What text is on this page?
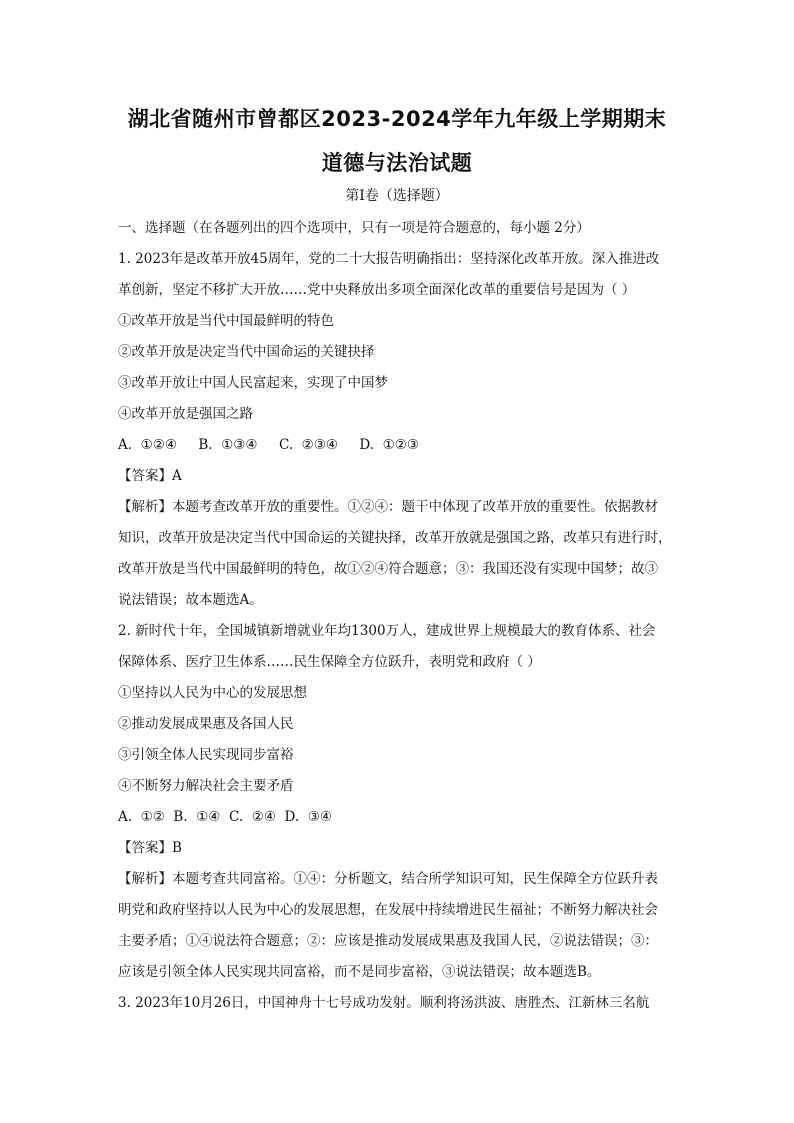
湖北省随州市曾都区2023-2024学年九年级上学期期末
道德与法治试题
第I卷（选择题）
一、选择题（在各题列出的四个选项中，只有一项是符合题意的，每小题 2分）
1. 2023年是改革开放45周年，党的二十大报告明确指出：坚持深化改革开放。深入推进改
革创新，坚定不移扩大开放……党中央释放出多项全面深化改革的重要信号是因为（ ）
①改革开放是当代中国最鲜明的特色
②改革开放是决定当代中国命运的关键抉择
③改革开放让中国人民富起来，实现了中国梦
④改革开放是强国之路
A.  ①②④     B.  ①③④     C.  ②③④     D.  ①②③
【答案】A
【解析】本题考查改革开放的重要性。①②④：题干中体现了改革开放的重要性。依据教材
知识，改革开放是决定当代中国命运的关键抉择，改革开放就是强国之路，改革只有进行时，
改革开放是当代中国最鲜明的特色，故①②④符合题意；③：我国还没有实现中国梦；故③
说法错误；故本题选A。
2. 新时代十年，全国城镇新增就业年均1300万人，建成世界上规模最大的教育体系、社会
保障体系、医疗卫生体系……民生保障全方位跃升，表明党和政府（ ）
①坚持以人民为中心的发展思想
②推动发展成果惠及各国人民
③引领全体人民实现同步富裕
④不断努力解决社会主要矛盾
A.  ①②  B.  ①④  C.  ②④  D.  ③④
【答案】B
【解析】本题考查共同富裕。①④：分析题文，结合所学知识可知，民生保障全方位跃升表
明党和政府坚持以人民为中心的发展思想，在发展中持续增进民生福祉；不断努力解决社会
主要矛盾；①④说法符合题意；②：应该是推动发展成果惠及我国人民，②说法错误；③：
应该是引领全体人民实现共同富裕，而不是同步富裕，③说法错误；故本题选B。
3. 2023年10月26日，中国神舟十七号成功发射。顺利将汤洪波、唐胜杰、江新林三名航
